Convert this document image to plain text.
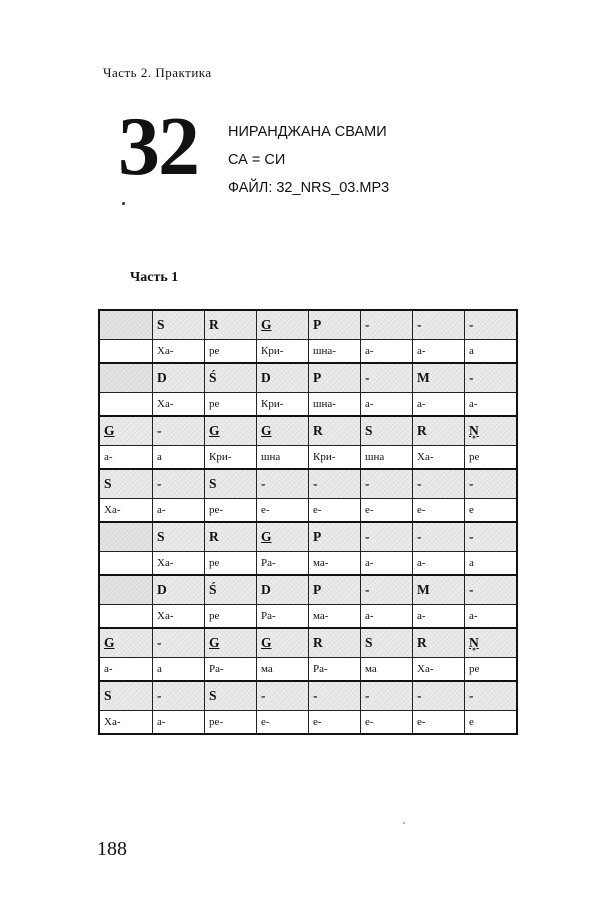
Часть 2. Практика
32 НИРАНДЖАНА СВАМИ
СА = СИ
ФАЙЛ: 32_NRS_03.MP3
Часть 1
	S	R	G	P	-	-	-
	Ха-	ре	Кри-	шна-	а-	а-	а
	D	Ś	D	P	-	M	-
	Ха-	ре	Кри-	шна-	а-	а-	а-
G	-	G	G	R	S	R	N̥
а-	а	Кри-	шна	Кри-	шна	Ха-	ре
S	-	S	-	-	-	-	-
Ха-	а-	ре-	е-	е-	е-	е-	е
	S	R	G	P	-	-	-
	Ха-	ре	Ра-	ма-	а-	а-	а
	D	Ś	D	P	-	M	-
	Ха-	ре	Ра-	ма-	а-	а-	а-
G	-	G	G	R	S	R	N̥
а-	а	Ра-	ма	Ра-	ма	Ха-	ре
S	-	S	-	-	-	-	-
Ха-	а-	ре-	е-	е-	е-	е-	е
188
